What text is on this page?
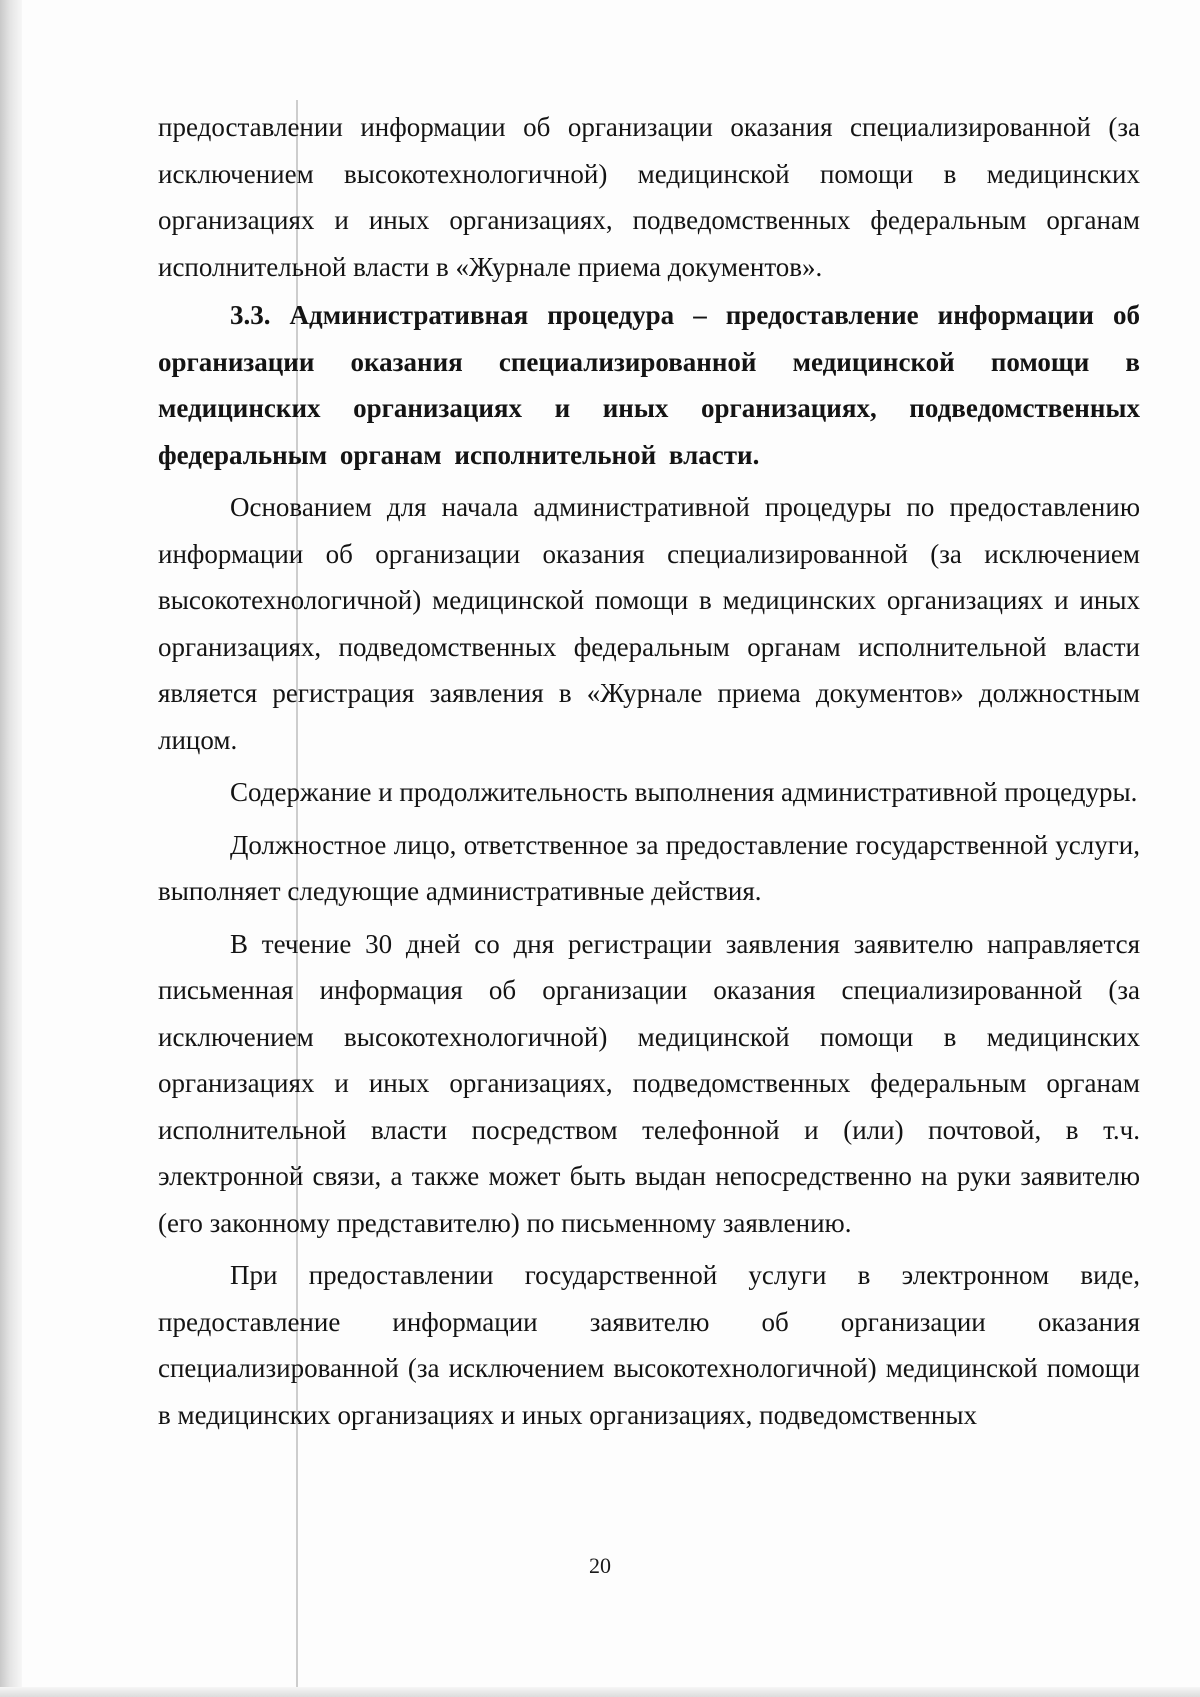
предоставлении информации об организации оказания специализированной (за исключением высокотехнологичной) медицинской помощи в медицинских организациях и иных организациях, подведомственных федеральным органам исполнительной власти в «Журнале приема документов».

3.3. Административная процедура – предоставление информации об организации оказания специализированной медицинской помощи в медицинских организациях и иных организациях, подведомственных федеральным органам исполнительной власти.

Основанием для начала административной процедуры по предоставлению информации об организации оказания специализированной (за исключением высокотехнологичной) медицинской помощи в медицинских организациях и иных организациях, подведомственных федеральным органам исполнительной власти является регистрация заявления в «Журнале приема документов» должностным лицом.

Содержание и продолжительность выполнения административной процедуры.

Должностное лицо, ответственное за предоставление государственной услуги, выполняет следующие административные действия.

В течение 30 дней со дня регистрации заявления заявителю направляется письменная информация об организации оказания специализированной (за исключением высокотехнологичной) медицинской помощи в медицинских организациях и иных организациях, подведомственных федеральным органам исполнительной власти посредством телефонной и (или) почтовой, в т.ч. электронной связи, а также может быть выдан непосредственно на руки заявителю (его законному представителю) по письменному заявлению.

При предоставлении государственной услуги в электронном виде, предоставление информации заявителю об организации оказания специализированной (за исключением высокотехнологичной) медицинской помощи в медицинских организациях и иных организациях, подведомственных

20
